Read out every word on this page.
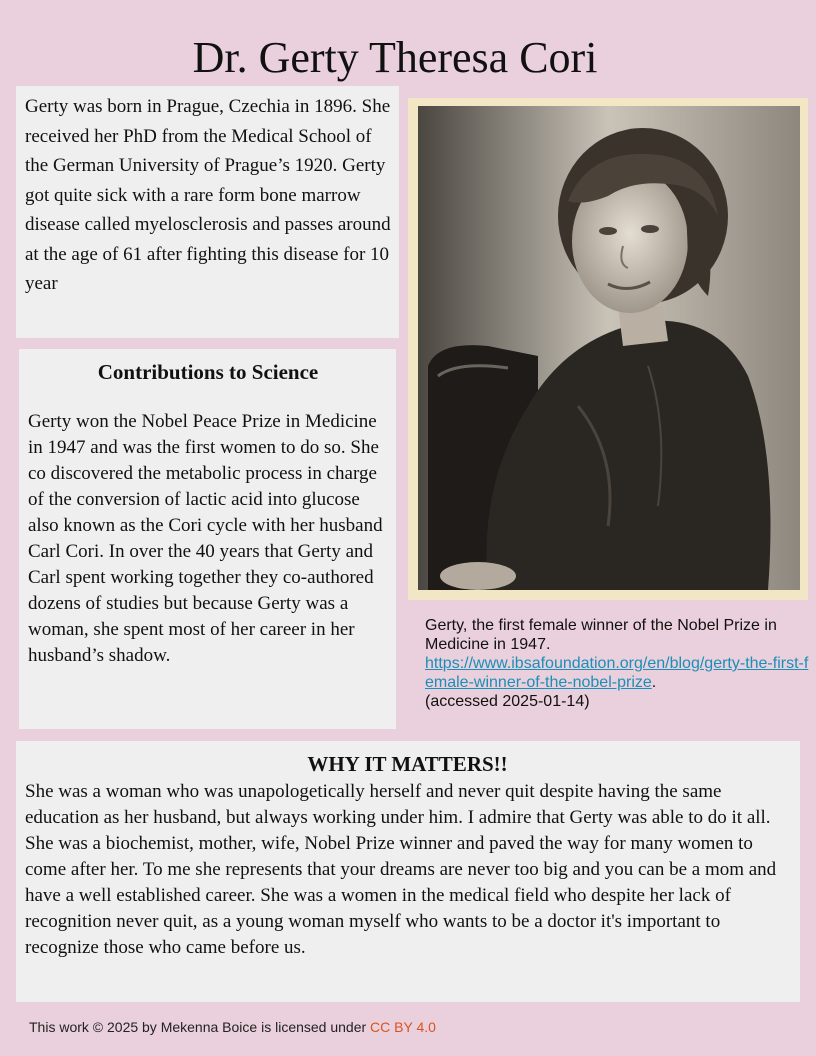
Dr. Gerty Theresa Cori
Gerty was born in Prague, Czechia in 1896. She received her PhD from the Medical School of the German University of Prague’s 1920. Gerty got quite sick with a rare form bone marrow disease called myelosclerosis and passes around at the age of 61 after fighting this disease for 10 year
Contributions to Science

Gerty won the Nobel Peace Prize in Medicine in 1947 and was the first women to do so. She co discovered the metabolic process in charge of the conversion of lactic acid into glucose also known as the Cori cycle with her husband Carl Cori. In over the 40 years that Gerty and Carl spent working together they co-authored dozens of studies but because Gerty was a woman, she spent most of her career in her husband’s shadow.

Gerty, the first female winner of the Nobel Prize in Medicine in 1947.
https://www.ibsafoundation.org/en/blog/gerty-the-first-female-winner-of-the-nobel-prize.
(accessed 2025-01-14)
WHY IT MATTERS!!

She was a woman who was unapologetically herself and never quit despite having the same education as her husband, but always working under him. I admire that Gerty was able to do it all. She was a biochemist, mother, wife, Nobel Prize winner and paved the way for many women to come after her. To me she represents that your dreams are never too big and you can be a mom and have a well established career. She was a women in the medical field who despite her lack of recognition never quit, as a young woman myself who wants to be a doctor it's important to recognize those who came before us.

This work © 2025 by Mekenna Boice is licensed under CC BY 4.0
